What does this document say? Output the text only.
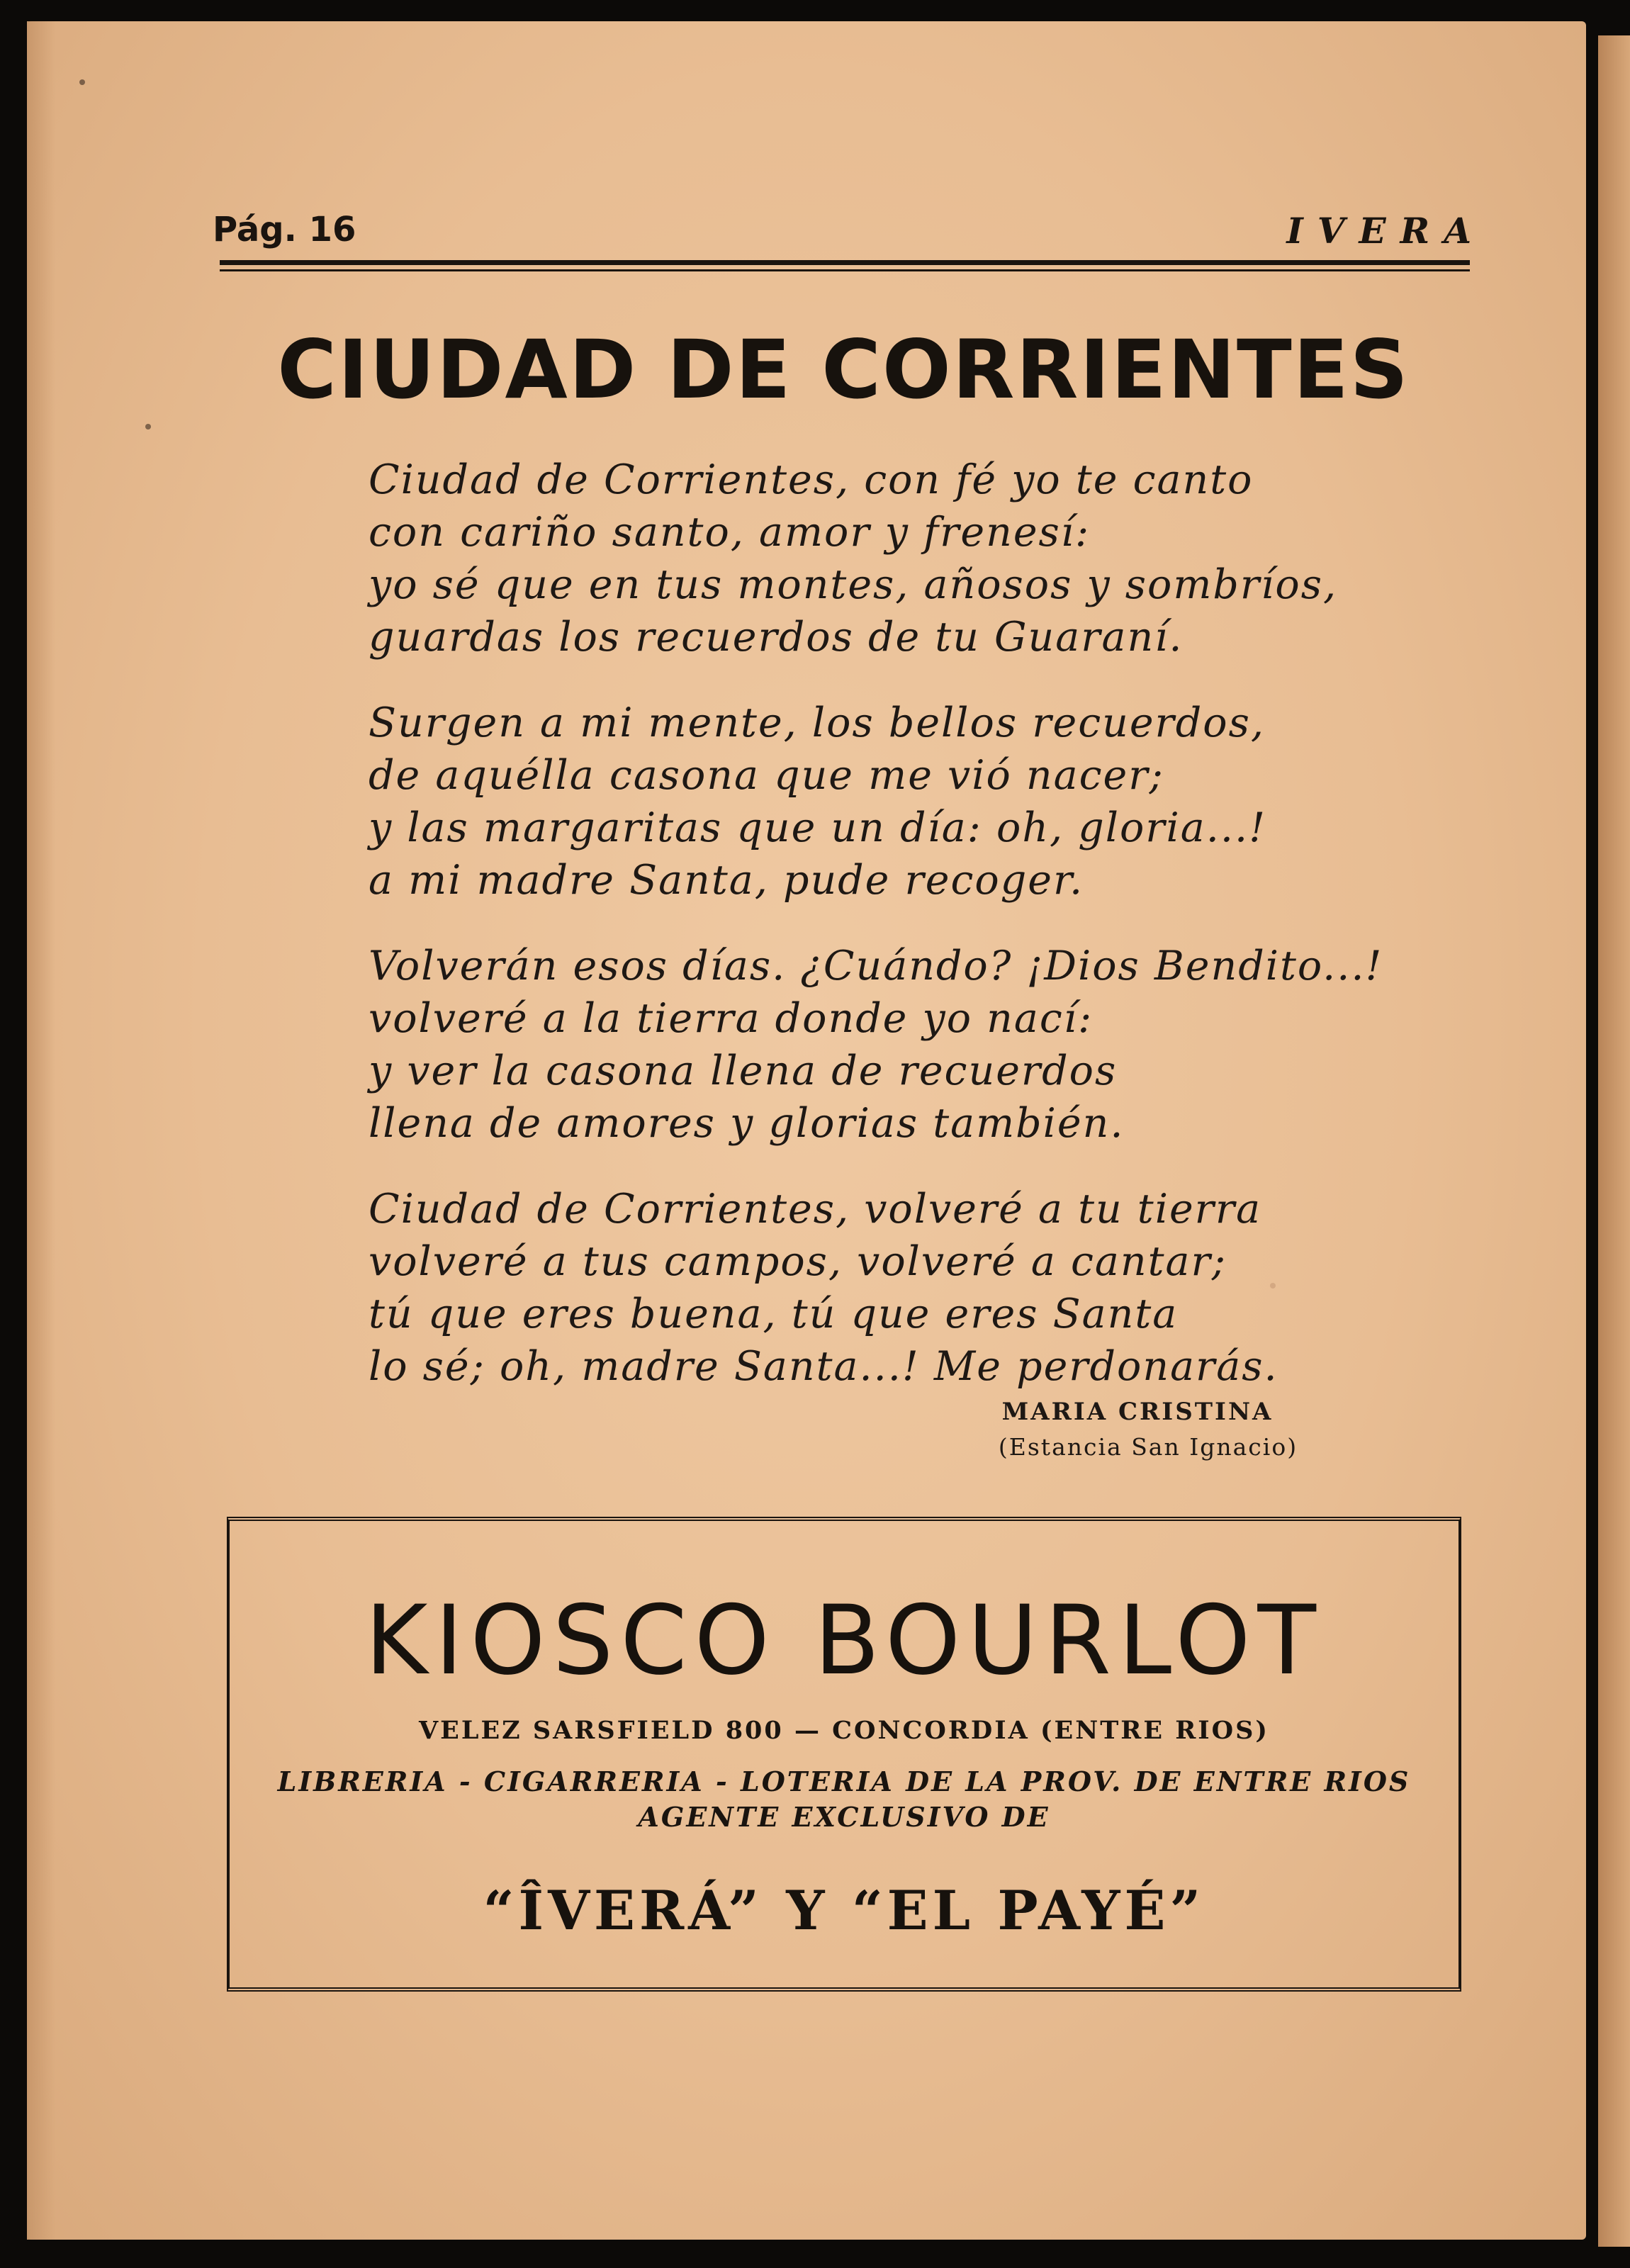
Pág. 16	IVERA
CIUDAD DE CORRIENTES
Ciudad de Corrientes, con fé yo te canto
con cariño santo, amor y frenesí:
yo sé que en tus montes, añosos y sombríos,
guardas los recuerdos de tu Guaraní.
Surgen a mi mente, los bellos recuerdos,
de aquélla casona que me vió nacer;
y las margaritas que un día: oh, gloria...!
a mi madre Santa, pude recoger.
Volverán esos días. ¿Cuándo? ¡Dios Bendito...!
volveré a la tierra donde yo nací:
y ver la casona llena de recuerdos
llena de amores y glorias también.
Ciudad de Corrientes, volveré a tu tierra
volveré a tus campos, volveré a cantar;
tú que eres buena, tú que eres Santa
lo sé; oh, madre Santa...! Me perdonarás.
MARIA CRISTINA
(Estancia San Ignacio)
KIOSCO BOURLOT
VELEZ SARSFIELD 800 — CONCORDIA (ENTRE RIOS)
LIBRERIA - CIGARRERIA - LOTERIA DE LA PROV. DE ENTRE RIOS
AGENTE EXCLUSIVO DE
“ÎVERÁ” Y “EL PAYÉ”
